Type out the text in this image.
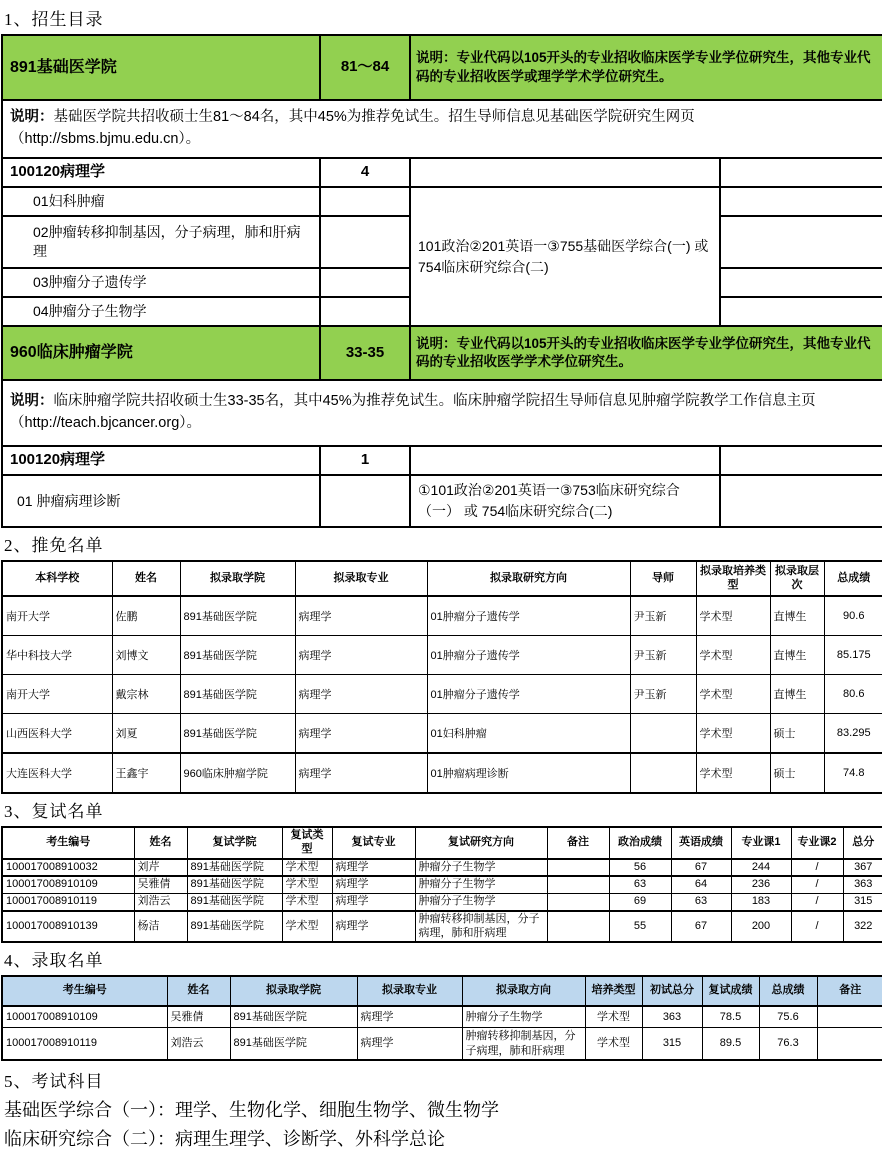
1、招生目录
891基础医学院	81～84	说明：专业代码以105开头的专业招收临床医学专业学位研究生，其他专业代码的专业招收医学或理学学术学位研究生。	
说明：基础医学院共招收硕士生81～84名，其中45%为推荐免试生。招生导师信息见基础医学院研究生网页（http://sbms.bjmu.edu.cn）。			
100120病理学	4		
01妇科肿瘤		101政治②201英语一③755基础医学综合(一) 或 754临床研究综合(二)	
02肿瘤转移抑制基因，分子病理，肺和肝病理			
03肿瘤分子遗传学			
04肿瘤分子生物学			
960临床肿瘤学院	33-35	说明：专业代码以105开头的专业招收临床医学专业学位研究生，其他专业代码的专业招收医学学术学位研究生。	
说明：临床肿瘤学院共招收硕士生33-35名，其中45%为推荐免试生。临床肿瘤学院招生导师信息见肿瘤学院教学工作信息主页（http://teach.bjcancer.org）。			
100120病理学	1		
01 肿瘤病理诊断		①101政治②201英语一③753临床研究综合（一） 或 754临床研究综合(二)	
2、推免名单
本科学校	姓名	拟录取学院	拟录取专业	拟录取研究方向	导师	拟录取培养类型	拟录取层次	总成绩
南开大学	佐鹏	891基础医学院	病理学	01肿瘤分子遗传学	尹玉新	学术型	直博生	90.6
华中科技大学	刘博文	891基础医学院	病理学	01肿瘤分子遗传学	尹玉新	学术型	直博生	85.175
南开大学	戴宗林	891基础医学院	病理学	01肿瘤分子遗传学	尹玉新	学术型	直博生	80.6
山西医科大学	刘夏	891基础医学院	病理学	01妇科肿瘤		学术型	硕士	83.295
大连医科大学	王鑫宇	960临床肿瘤学院	病理学	01肿瘤病理诊断		学术型	硕士	74.8
3、复试名单
考生编号	姓名	复试学院	复试类型	复试专业	复试研究方向	备注	政治成绩	英语成绩	专业课1	专业课2	总分
100017008910032	刘芹	891基础医学院	学术型	病理学	肿瘤分子生物学		56	67	244	/	367
100017008910109	吴雅倩	891基础医学院	学术型	病理学	肿瘤分子生物学		63	64	236	/	363
100017008910119	刘浩云	891基础医学院	学术型	病理学	肿瘤分子生物学		69	63	183	/	315
100017008910139	杨洁	891基础医学院	学术型	病理学	肿瘤转移抑制基因，分子病理，肺和肝病理		55	67	200	/	322
4、录取名单
考生编号	姓名	拟录取学院	拟录取专业	拟录取方向	培养类型	初试总分	复试成绩	总成绩	备注
100017008910109	吴雅倩	891基础医学院	病理学	肿瘤分子生物学	学术型	363	78.5	75.6	
100017008910119	刘浩云	891基础医学院	病理学	肿瘤转移抑制基因，分子病理，肺和肝病理	学术型	315	89.5	76.3	
5、考试科目
基础医学综合（一）：理学、生物化学、细胞生物学、微生物学
临床研究综合（二）：病理生理学、诊断学、外科学总论
